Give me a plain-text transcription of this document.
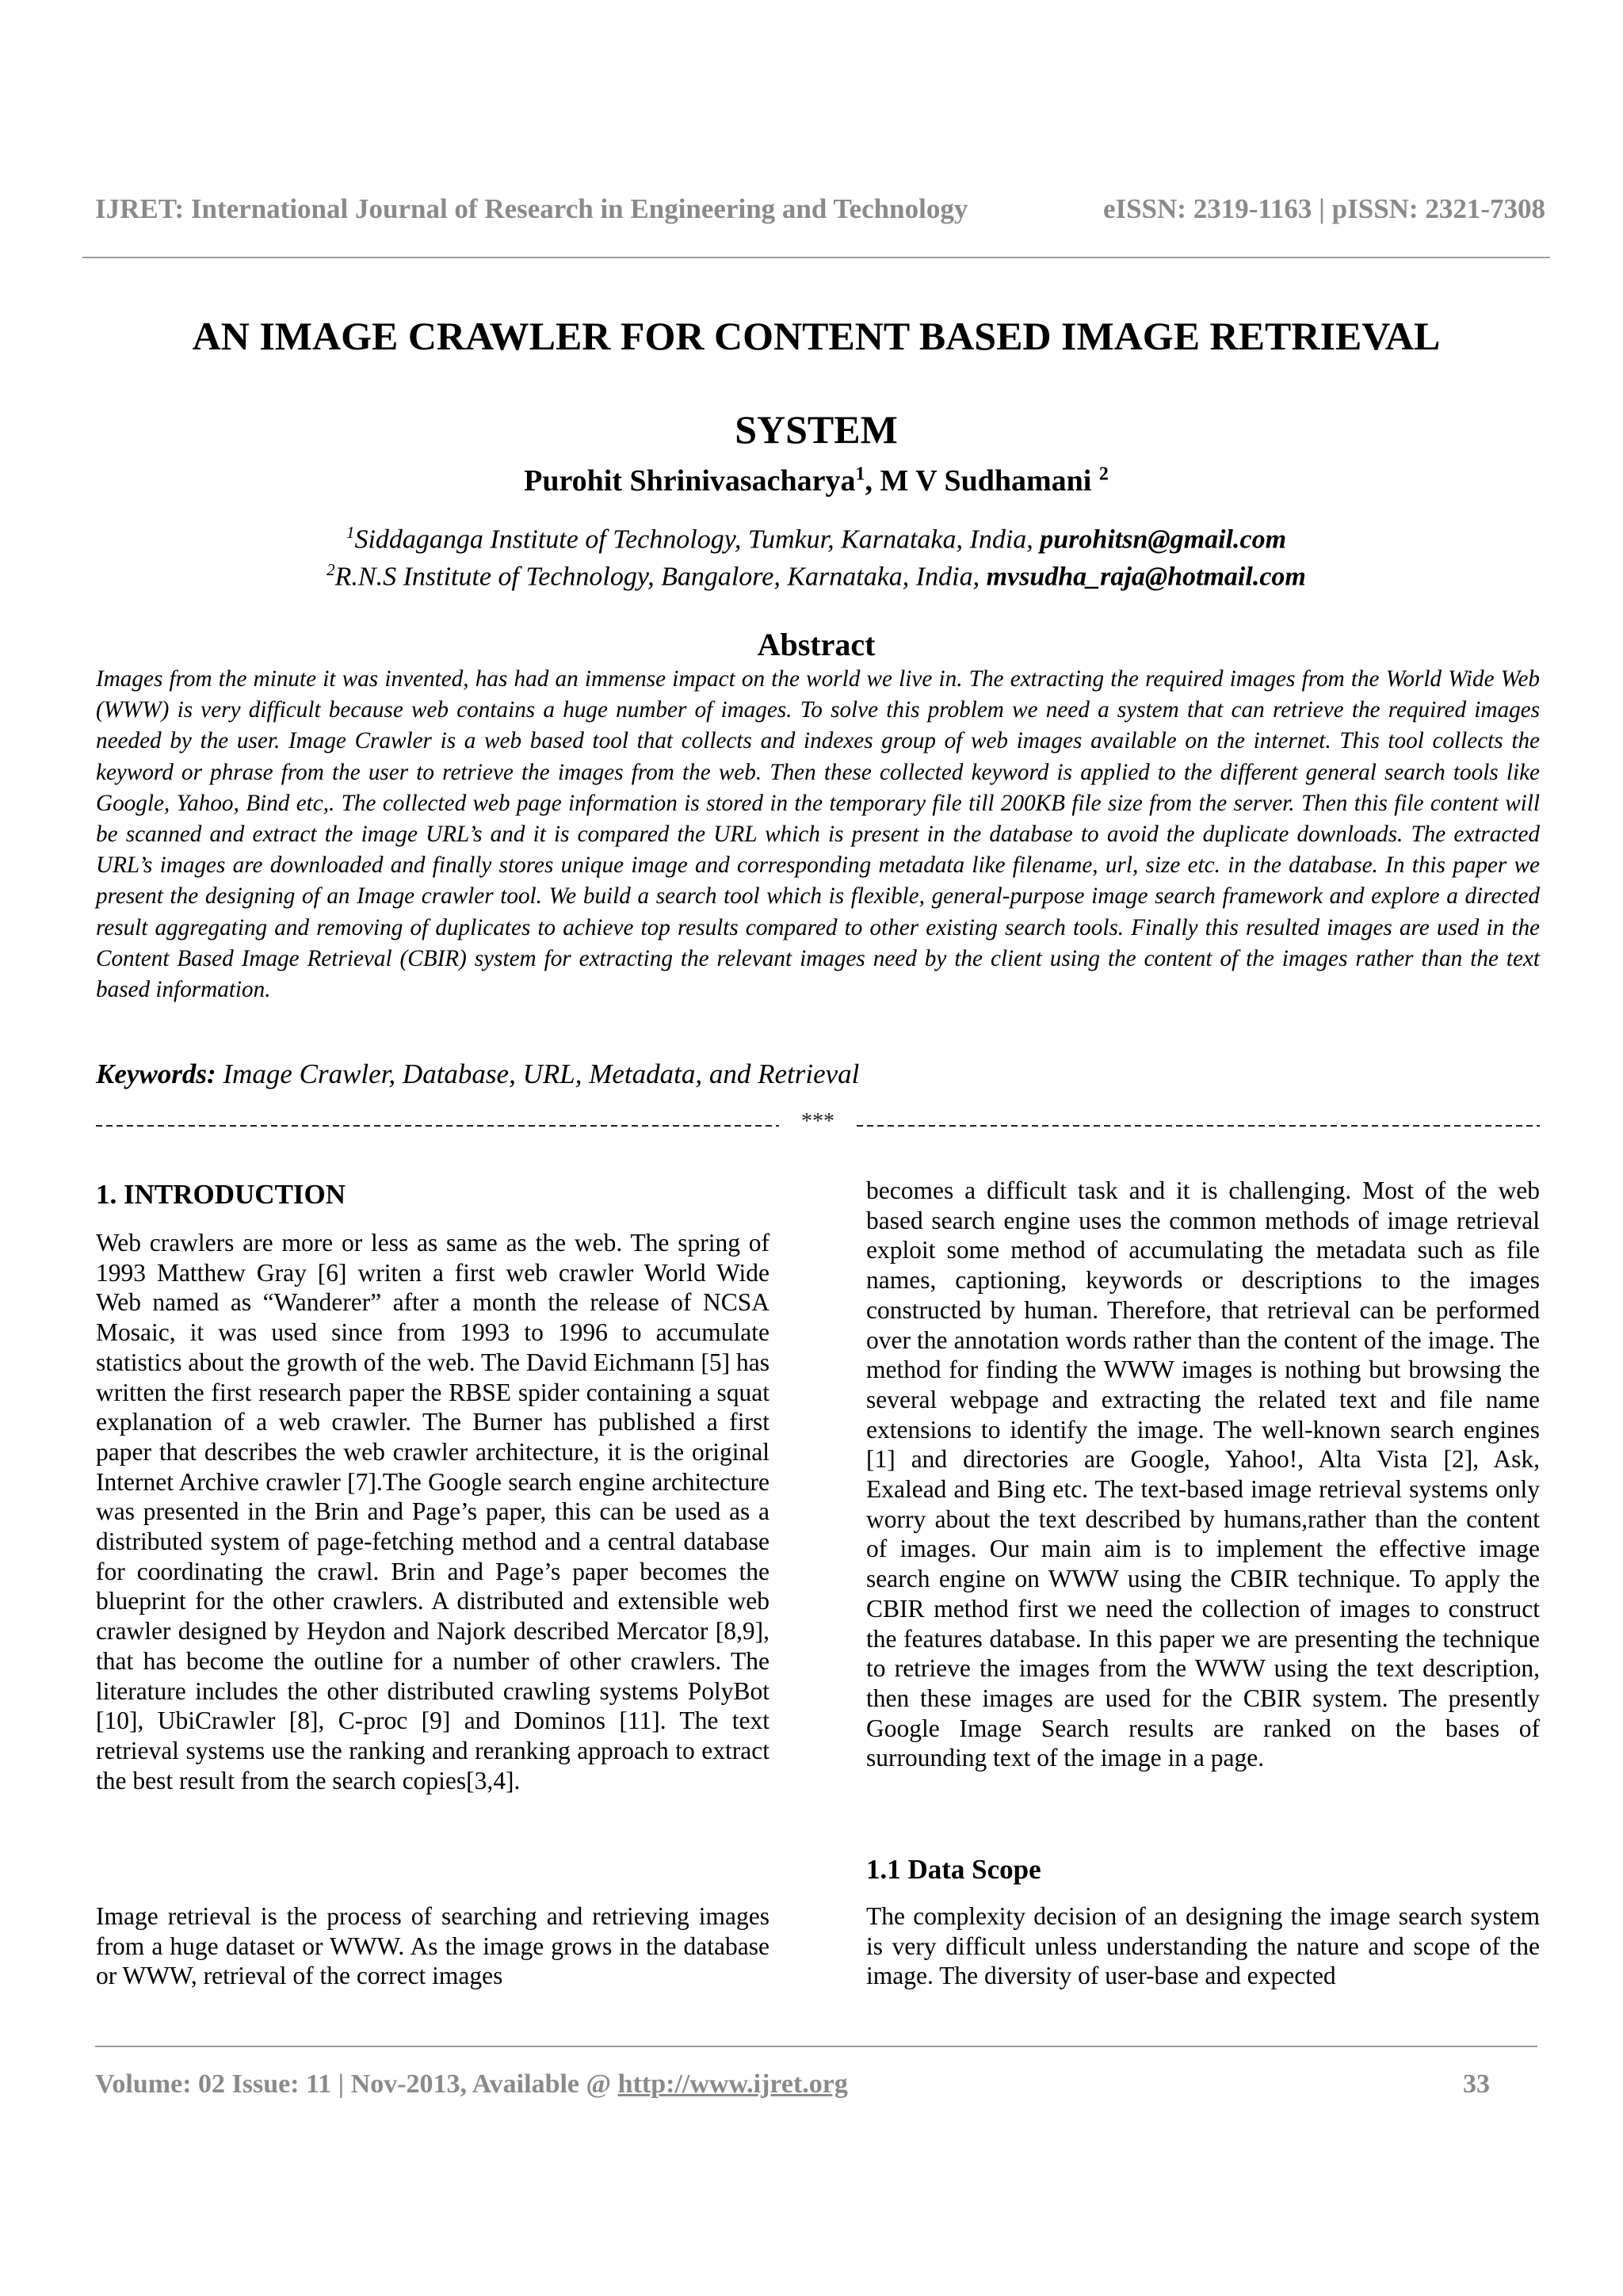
IJRET: International Journal of Research in Engineering and Technology	eISSN: 2319-1163 | pISSN: 2321-7308
AN IMAGE CRAWLER FOR CONTENT BASED IMAGE RETRIEVAL
SYSTEM
Purohit Shrinivasacharya$^1$, M V Sudhamani $^2$
$^1$Siddaganga Institute of Technology, Tumkur, Karnataka, India, purohitsn@gmail.com
$^2$R.N.S Institute of Technology, Bangalore, Karnataka, India, mvsudha_raja@hotmail.com
Abstract
Images from the minute it was invented, has had an immense impact on the world we live in. The extracting the required images from the World Wide Web (WWW) is very difficult because web contains a huge number of images. To solve this problem we need a system that can retrieve the required images needed by the user. Image Crawler is a web based tool that collects and indexes group of web images available on the internet. This tool collects the keyword or phrase from the user to retrieve the images from the web. Then these collected keyword is applied to the different general search tools like Google, Yahoo, Bind etc,. The collected web page information is stored in the temporary file till 200KB file size from the server. Then this file content will be scanned and extract the image URL’s and it is compared the URL which is present in the database to avoid the duplicate downloads. The extracted URL’s images are downloaded and finally stores unique image and corresponding metadata like filename, url, size etc. in the database. In this paper we present the designing of an Image crawler tool. We build a search tool which is flexible, general-purpose image search framework and explore a directed result aggregating and removing of duplicates to achieve top results compared to other existing search tools. Finally this resulted images are used in the Content Based Image Retrieval (CBIR) system for extracting the relevant images need by the client using the content of the images rather than the text based information.
Keywords: Image Crawler, Database, URL, Metadata, and Retrieval
***
1. INTRODUCTION
Web crawlers are more or less as same as the web. The spring of 1993 Matthew Gray [6] writen a first web crawler World Wide Web named as “Wanderer” after a month the release of NCSA Mosaic, it was used since from 1993 to 1996 to accumulate statistics about the growth of the web. The David Eichmann [5] has written the first research paper the RBSE spider containing a squat explanation of a web crawler. The Burner has published a first paper that describes the web crawler architecture, it is the original Internet Archive crawler [7].The Google search engine architecture was presented in the Brin and Page’s paper, this can be used as a distributed system of page-fetching method and a central database for coordinating the crawl. Brin and Page’s paper becomes the blueprint for the other crawlers. A distributed and extensible web crawler designed by Heydon and Najork described Mercator [8,9], that has become the outline for a number of other crawlers. The literature includes the other distributed crawling systems PolyBot [10], UbiCrawler [8], C-proc [9] and Dominos [11]. The text retrieval systems use the ranking and reranking approach to extract the best result from the search copies[3,4].
Image retrieval is the process of searching and retrieving images from a huge dataset or WWW. As the image grows in the database or WWW, retrieval of the correct images
becomes a difficult task and it is challenging. Most of the web based search engine uses the common methods of image retrieval exploit some method of accumulating the metadata such as file names, captioning, keywords or descriptions to the images constructed by human. Therefore, that retrieval can be performed over the annotation words rather than the content of the image. The method for finding the WWW images is nothing but browsing the several webpage and extracting the related text and file name extensions to identify the image. The well-known search engines [1] and directories are Google, Yahoo!, Alta Vista [2], Ask, Exalead and Bing etc. The text-based image retrieval systems only worry about the text described by humans,rather than the content of images. Our main aim is to implement the effective image search engine on WWW using the CBIR technique. To apply the CBIR method first we need the collection of images to construct the features database. In this paper we are presenting the technique to retrieve the images from the WWW using the text description, then these images are used for the CBIR system. The presently Google Image Search results are ranked on the bases of surrounding text of the image in a page.
1.1 Data Scope
The complexity decision of an designing the image search system is very difficult unless understanding the nature and scope of the image. The diversity of user-base and expected
Volume: 02 Issue: 11 | Nov-2013, Available @ http://www.ijret.org	33
